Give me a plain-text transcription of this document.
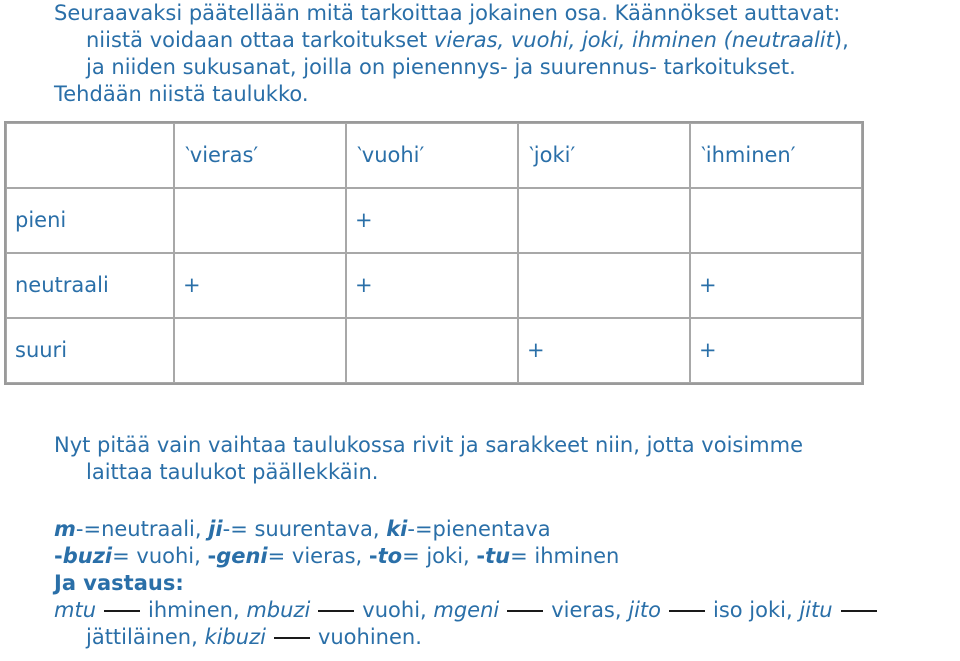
Seuraavaksi päätellään mitä tarkoittaa jokainen osa. Käännökset auttavat:
niistä voidaan ottaa tarkoitukset vieras, vuohi, joki, ihminen (neutraalit),
ja niiden sukusanat, joilla on pienennys- ja suurennus- tarkoitukset.
Tehdään niistä taulukko.
	‵vieras′	‵vuohi′	‵joki′	‵ihminen′
pieni		+		
neutraali	+	+		+
suuri			+	+
Nyt pitää vain vaihtaa taulukossa rivit ja sarakkeet niin, jotta voisimme
laittaa taulukot päällekkäin.
m-=neutraali, ji-= suurentava, ki-=pienentava
-buzi= vuohi, -geni= vieras, -to= joki, -tu= ihminen
Ja vastaus:
mtu ihminen, mbuzi vuohi, mgeni vieras, jito iso joki, jitu
jättiläinen, kibuzi vuohinen.
